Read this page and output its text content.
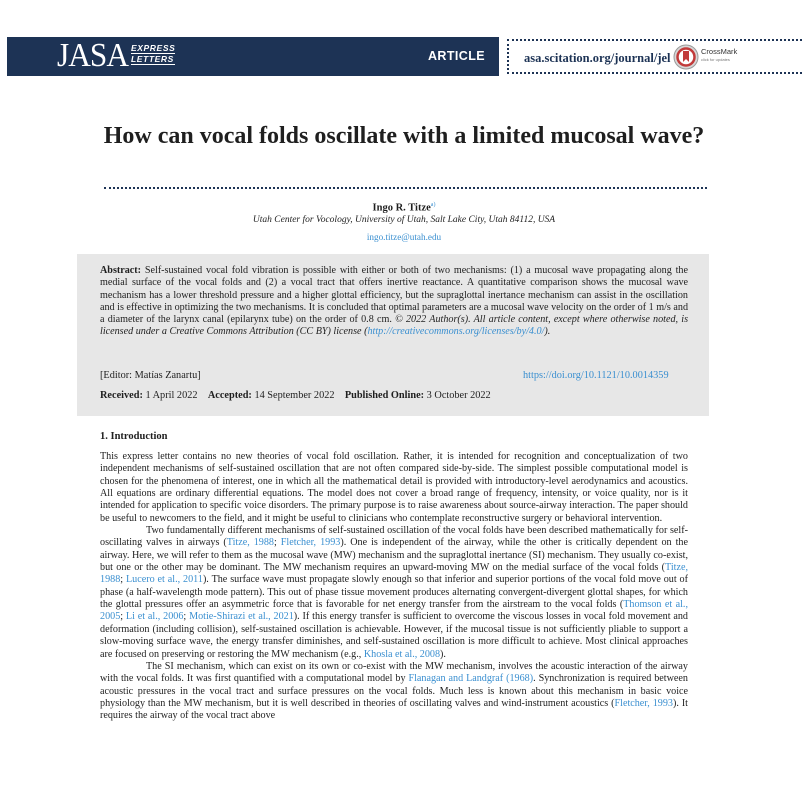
JASA EXPRESS
LETTERS	ARTICLE	asa.scitation.org/journal/jel	CrossMark
click for updates
How can vocal folds oscillate with a limited mucosal wave?
Ingo R. Titze$^{a)}$
Utah Center for Vocology, University of Utah, Salt Lake City, Utah 84112, USA
ingo.titze@utah.edu
Abstract: Self-sustained vocal fold vibration is possible with either or both of two mechanisms: (1) a mucosal wave propagating along the medial surface of the vocal folds and (2) a vocal tract that offers inertive reactance. A quantitative comparison shows the mucosal wave mechanism has a lower threshold pressure and a higher glottal efficiency, but the supraglottal inertance mechanism can assist in the oscillation and is effective in optimizing the two mechanisms. It is concluded that optimal parameters are a mucosal wave velocity on the order of 1 m/s and a diameter of the larynx canal (epilarynx tube) on the order of 0.8 cm. © 2022 Author(s). All article content, except where otherwise noted, is licensed under a Creative Commons Attribution (CC BY) license (http://creativecommons.org/licenses/by/4.0/).
[Editor: Matías Zanartu]	https://doi.org/10.1121/10.0014359
Received: 1 April 2022 Accepted: 14 September 2022 Published Online: 3 October 2022
1. Introduction

This express letter contains no new theories of vocal fold oscillation. Rather, it is intended for recognition and conceptualization of two independent mechanisms of self-sustained oscillation that are not often compared side-by-side. The simplest possible computational model is chosen for the phenomena of interest, one in which all the mathematical detail is provided with introductory-level aerodynamics and acoustics. All equations are ordinary differential equations. The model does not cover a broad range of frequency, intensity, or voice quality, nor is it intended for application to specific voice disorders. The primary purpose is to raise awareness about source-airway interaction. The paper should be useful to newcomers to the field, and it might be useful to clinicians who contemplate reconstructive surgery or behavioral intervention.

Two fundamentally different mechanisms of self-sustained oscillation of the vocal folds have been described mathematically for self-oscillating valves in airways (Titze, 1988; Fletcher, 1993). One is independent of the airway, while the other is critically dependent on the airway. Here, we will refer to them as the mucosal wave (MW) mechanism and the supraglottal inertance (SI) mechanism. They usually co-exist, but one or the other may be dominant. The MW mechanism requires an upward-moving MW on the medial surface of the vocal folds (Titze, 1988; Lucero et al., 2011). The surface wave must propagate slowly enough so that inferior and superior portions of the vocal fold move out of phase (a half-wavelength mode pattern). This out of phase tissue movement produces alternating convergent-divergent glottal shapes, for which the glottal pressures offer an asymmetric force that is favorable for net energy transfer from the airstream to the vocal folds (Thomson et al., 2005; Li et al., 2006; Motie-Shirazi et al., 2021). If this energy transfer is sufficient to overcome the viscous losses in vocal fold movement and deformation (including collision), self-sustained oscillation is achievable. However, if the mucosal tissue is not sufficiently pliable to support a slow-moving surface wave, the energy transfer diminishes, and self-sustained oscillation is more difficult to achieve. Most clinical approaches are focused on preserving or restoring the MW mechanism (e.g., Khosla et al., 2008).

The SI mechanism, which can exist on its own or co-exist with the MW mechanism, involves the acoustic interaction of the airway with the vocal folds. It was first quantified with a computational model by Flanagan and Landgraf (1968). Synchronization is required between acoustic pressures in the vocal tract and surface pressures on the vocal folds. Much less is known about this mechanism in basic voice physiology than the MW mechanism, but it is well described in theories of oscillating valves and wind-instrument acoustics (Fletcher, 1993). It requires the airway of the vocal tract above
